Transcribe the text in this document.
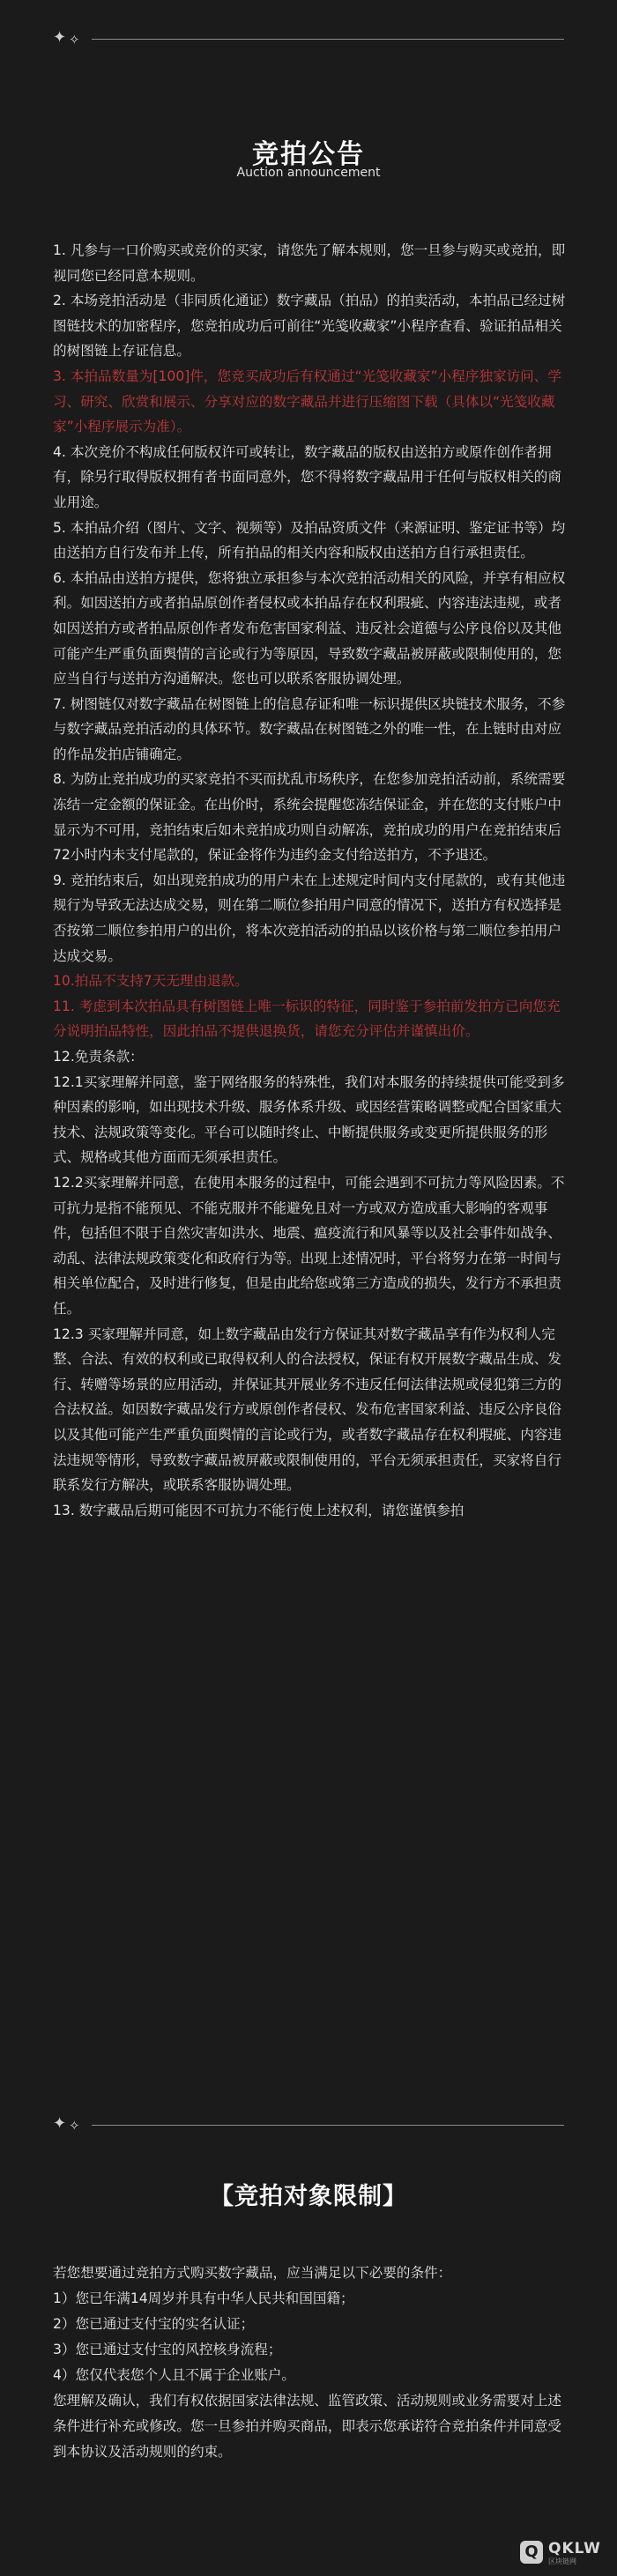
✦ ✧
竞拍公告
Auction announcement

1. 凡参与一口价购买或竞价的买家，请您先了解本规则，您一旦参与购买或竞拍，即视同您已经同意本规则。

2. 本场竞拍活动是（非同质化通证）数字藏品（拍品）的拍卖活动，本拍品已经过树图链技术的加密程序，您竞拍成功后可前往“光笺收藏家”小程序查看、验证拍品相关的树图链上存证信息。

3. 本拍品数量为[100]件，您竞买成功后有权通过“光笺收藏家”小程序独家访问、学习、研究、欣赏和展示、分享对应的数字藏品并进行压缩图下载（具体以“光笺收藏家”小程序展示为准）。

4. 本次竞价不构成任何版权许可或转让，数字藏品的版权由送拍方或原作创作者拥有，除另行取得版权拥有者书面同意外，您不得将数字藏品用于任何与版权相关的商业用途。

5. 本拍品介绍（图片、文字、视频等）及拍品资质文件（来源证明、鉴定证书等）均由送拍方自行发布并上传，所有拍品的相关内容和版权由送拍方自行承担责任。

6. 本拍品由送拍方提供，您将独立承担参与本次竞拍活动相关的风险，并享有相应权利。如因送拍方或者拍品原创作者侵权或本拍品存在权利瑕疵、内容违法违规，或者如因送拍方或者拍品原创作者发布危害国家利益、违反社会道德与公序良俗以及其他可能产生严重负面舆情的言论或行为等原因，导致数字藏品被屏蔽或限制使用的，您应当自行与送拍方沟通解决。您也可以联系客服协调处理。

7. 树图链仅对数字藏品在树图链上的信息存证和唯一标识提供区块链技术服务，不参与数字藏品竞拍活动的具体环节。数字藏品在树图链之外的唯一性，在上链时由对应的作品发拍店铺确定。

8. 为防止竞拍成功的买家竞拍不买而扰乱市场秩序，在您参加竞拍活动前，系统需要冻结一定金额的保证金。在出价时，系统会提醒您冻结保证金，并在您的支付账户中显示为不可用，竞拍结束后如未竞拍成功则自动解冻，竞拍成功的用户在竞拍结束后72小时内未支付尾款的，保证金将作为违约金支付给送拍方，不予退还。

9. 竞拍结束后，如出现竞拍成功的用户未在上述规定时间内支付尾款的，或有其他违规行为导致无法达成交易，则在第二顺位参拍用户同意的情况下，送拍方有权选择是否按第二顺位参拍用户的出价，将本次竞拍活动的拍品以该价格与第二顺位参拍用户达成交易。

10.拍品不支持7天无理由退款。

11. 考虑到本次拍品具有树图链上唯一标识的特征，同时鉴于参拍前发拍方已向您充分说明拍品特性，因此拍品不提供退换货，请您充分评估并谨慎出价。

12.免责条款：

12.1买家理解并同意，鉴于网络服务的特殊性，我们对本服务的持续提供可能受到多种因素的影响，如出现技术升级、服务体系升级、或因经营策略调整或配合国家重大技术、法规政策等变化。平台可以随时终止、中断提供服务或变更所提供服务的形式、规格或其他方面而无须承担责任。

12.2买家理解并同意，在使用本服务的过程中，可能会遇到不可抗力等风险因素。不可抗力是指不能预见、不能克服并不能避免且对一方或双方造成重大影响的客观事件，包括但不限于自然灾害如洪水、地震、瘟疫流行和风暴等以及社会事件如战争、动乱、法律法规政策变化和政府行为等。出现上述情况时，平台将努力在第一时间与相关单位配合，及时进行修复，但是由此给您或第三方造成的损失，发行方不承担责任。

12.3 买家理解并同意，如上数字藏品由发行方保证其对数字藏品享有作为权利人完整、合法、有效的权利或已取得权利人的合法授权，保证有权开展数字藏品生成、发行、转赠等场景的应用活动，并保证其开展业务不违反任何法律法规或侵犯第三方的合法权益。如因数字藏品发行方或原创作者侵权、发布危害国家利益、违反公序良俗以及其他可能产生严重负面舆情的言论或行为，或者数字藏品存在权利瑕疵、内容违法违规等情形，导致数字藏品被屏蔽或限制使用的，平台无须承担责任，买家将自行联系发行方解决，或联系客服协调处理。

13. 数字藏品后期可能因不可抗力不能行使上述权利，请您谨慎参拍

✦ ✧
【竞拍对象限制】

若您想要通过竞拍方式购买数字藏品，应当满足以下必要的条件：

1）您已年满14周岁并具有中华人民共和国国籍；

2）您已通过支付宝的实名认证；

3）您已通过支付宝的风控核身流程；

4）您仅代表您个人且不属于企业账户。

您理解及确认，我们有权依据国家法律法规、监管政策、活动规则或业务需要对上述条件进行补充或修改。您一旦参拍并购买商品，即表示您承诺符合竞拍条件并同意受到本协议及活动规则的约束。

Q QKLW
区块链网
